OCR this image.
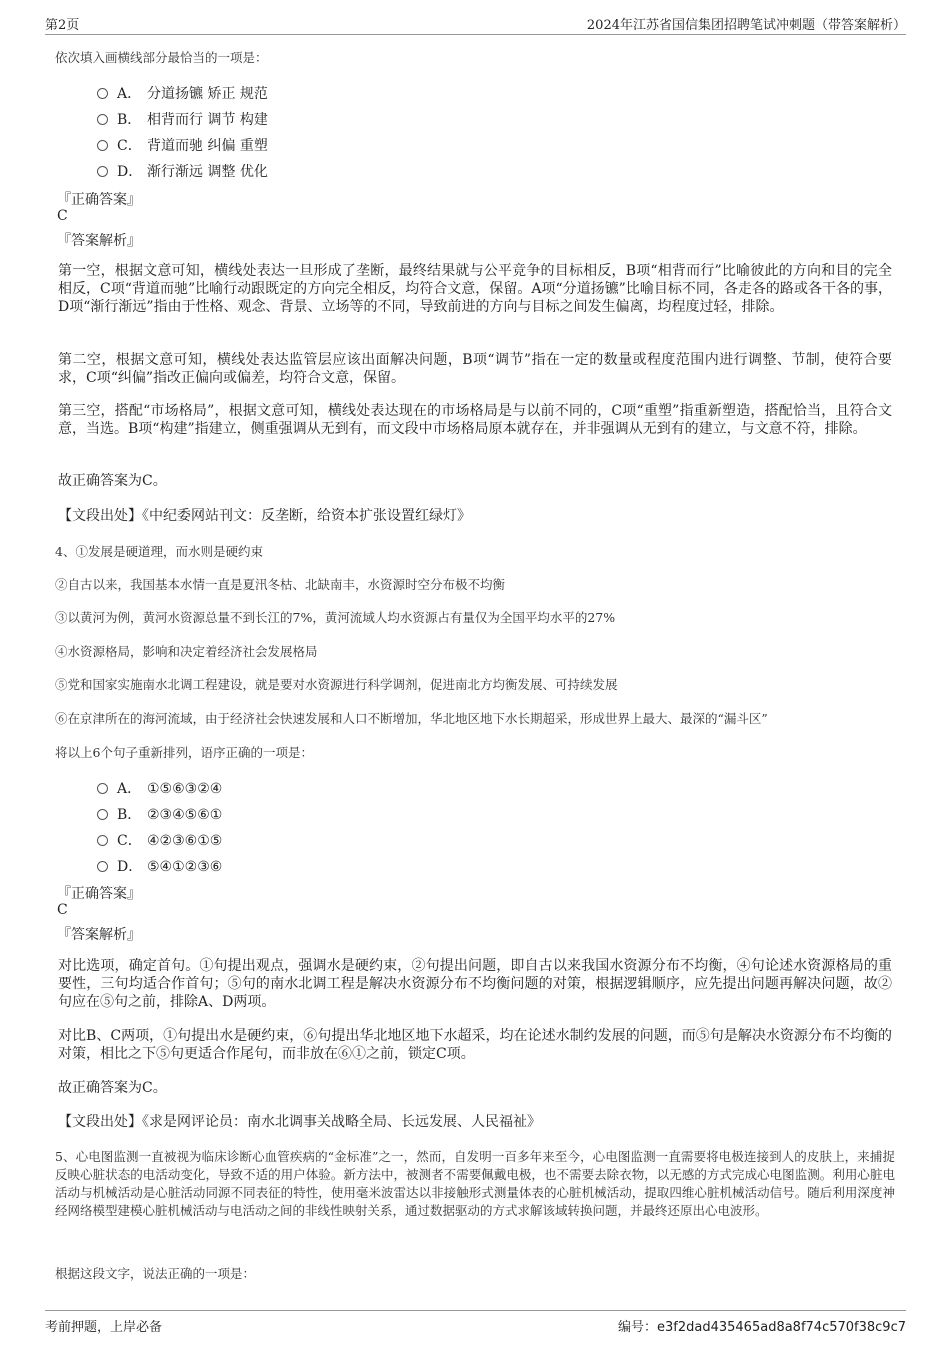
第2页	2024年江苏省国信集团招聘笔试冲刺题（带答案解析）
依次填入画横线部分最恰当的一项是：
A． 分道扬镳 矫正 规范
B． 相背而行 调节 构建
C． 背道而驰 纠偏 重塑
D． 渐行渐远 调整 优化
『正确答案』
C
『答案解析』
第一空，根据文意可知，横线处表达一旦形成了垄断，最终结果就与公平竞争的目标相反，B项“相背而行”比喻彼此的方向和目的完全相反，C项“背道而驰”比喻行动跟既定的方向完全相反，均符合文意，保留。A项“分道扬镳”比喻目标不同，各走各的路或各干各的事，D项“渐行渐远”指由于性格、观念、背景、立场等的不同，导致前进的方向与目标之间发生偏离，均程度过轻，排除。
第二空，根据文意可知，横线处表达监管层应该出面解决问题，B项“调节”指在一定的数量或程度范围内进行调整、节制，使符合要求，C项“纠偏”指改正偏向或偏差，均符合文意，保留。
第三空，搭配“市场格局”，根据文意可知，横线处表达现在的市场格局是与以前不同的，C项“重塑”指重新塑造，搭配恰当，且符合文意，当选。B项“构建”指建立，侧重强调从无到有，而文段中市场格局原本就存在，并非强调从无到有的建立，与文意不符，排除。
故正确答案为C。
【文段出处】《中纪委网站刊文：反垄断，给资本扩张设置红绿灯》
4、①发展是硬道理，而水则是硬约束
②自古以来，我国基本水情一直是夏汛冬枯、北缺南丰，水资源时空分布极不均衡
③以黄河为例，黄河水资源总量不到长江的7%，黄河流域人均水资源占有量仅为全国平均水平的27%
④水资源格局，影响和决定着经济社会发展格局
⑤党和国家实施南水北调工程建设，就是要对水资源进行科学调剂，促进南北方均衡发展、可持续发展
⑥在京津所在的海河流域，由于经济社会快速发展和人口不断增加，华北地区地下水长期超采，形成世界上最大、最深的“漏斗区”
将以上6个句子重新排列，语序正确的一项是：
A． ①⑤⑥③②④
B． ②③④⑤⑥①
C． ④②③⑥①⑤
D． ⑤④①②③⑥
『正确答案』
C
『答案解析』
对比选项，确定首句。①句提出观点，强调水是硬约束，②句提出问题，即自古以来我国水资源分布不均衡，④句论述水资源格局的重要性，三句均适合作首句；⑤句的南水北调工程是解决水资源分布不均衡问题的对策，根据逻辑顺序，应先提出问题再解决问题，故②句应在⑤句之前，排除A、D两项。
对比B、C两项，①句提出水是硬约束，⑥句提出华北地区地下水超采，均在论述水制约发展的问题，而⑤句是解决水资源分布不均衡的对策，相比之下⑤句更适合作尾句，而非放在⑥①之前，锁定C项。
故正确答案为C。
【文段出处】《求是网评论员：南水北调事关战略全局、长远发展、人民福祉》
5、心电图监测一直被视为临床诊断心血管疾病的“金标准”之一，然而，自发明一百多年来至今，心电图监测一直需要将电极连接到人的皮肤上，来捕捉反映心脏状态的电活动变化，导致不适的用户体验。新方法中，被测者不需要佩戴电极，也不需要去除衣物，以无感的方式完成心电图监测。利用心脏电活动与机械活动是心脏活动同源不同表征的特性，使用毫米波雷达以非接触形式测量体表的心脏机械活动，提取四维心脏机械活动信号。随后利用深度神经网络模型建模心脏机械活动与电活动之间的非线性映射关系，通过数据驱动的方式求解该域转换问题，并最终还原出心电波形。
根据这段文字，说法正确的一项是：
考前押题，上岸必备	编号：e3f2dad435465ad8a8f74c570f38c9c7
